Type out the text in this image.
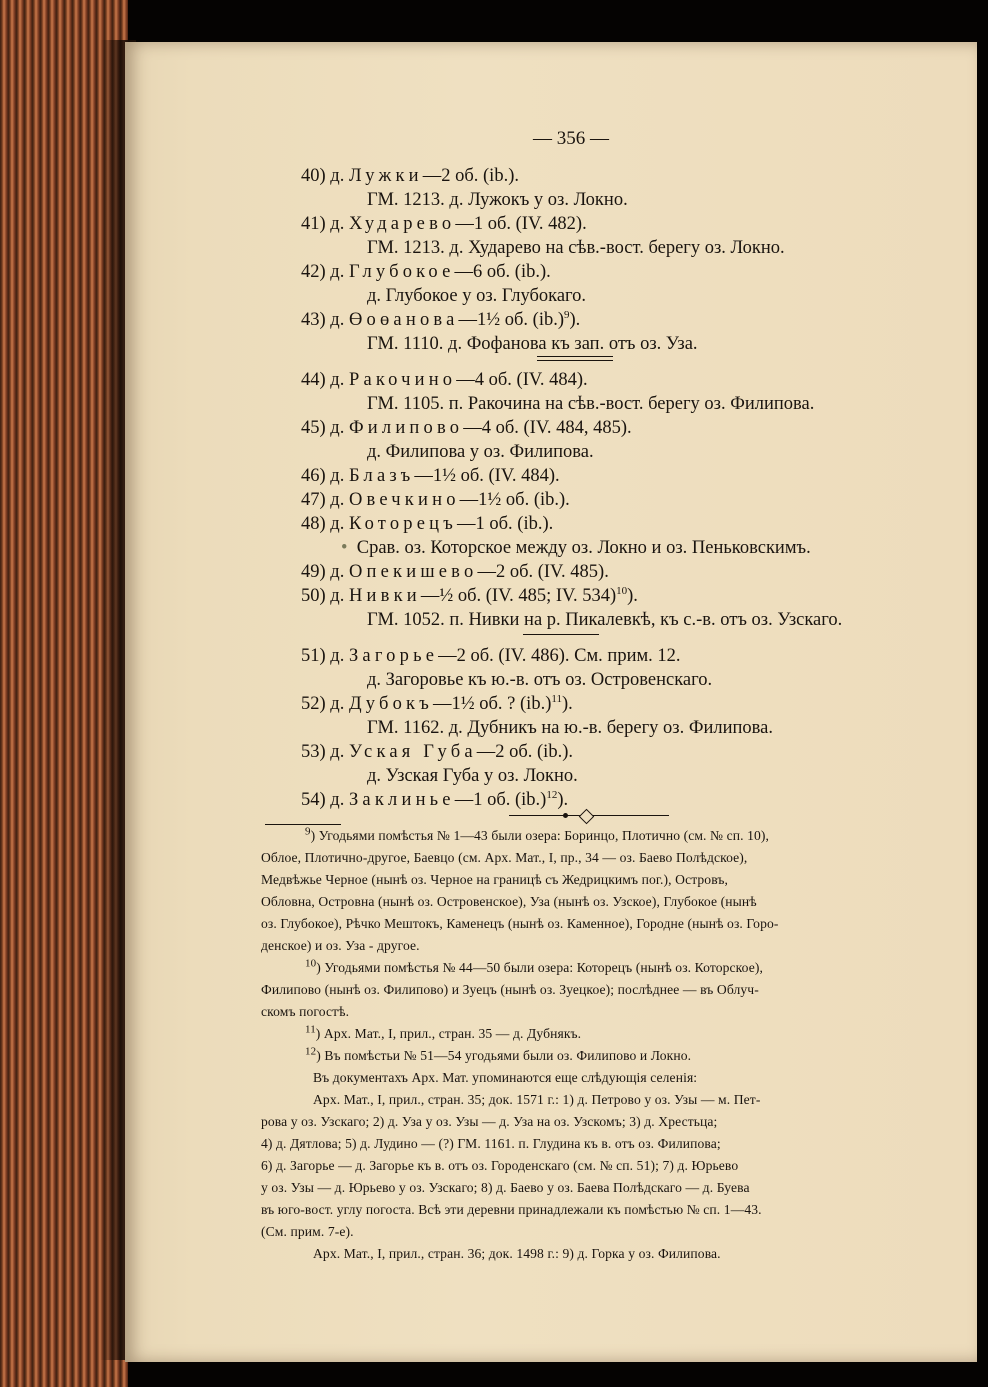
— 356 —
40) д. Лужки—2 об. (ib.).
ГМ. 1213. д. Лужокъ у оз. Локно.
41) д. Хударево—1 об. (IV. 482).
ГМ. 1213. д. Хударево на сѣв.-вост. берегу оз. Локно.
42) д. Глубокое—6 об. (ib.).
д. Глубокое у оз. Глубокаго.
43) д. Өоөанова—1½ об. $(ib.)^9$).
ГМ. 1110. д. Фофанова къ зап. отъ оз. Уза.
44) д. Ракочино—4 об. (IV. 484).
ГМ. 1105. п. Ракочина на сѣв.-вост. берегу оз. Филипова.
45) д. Филипово—4 об. (IV. 484, 485).
д. Филипова у оз. Филипова.
46) д. Блазъ—1½ об. (IV. 484).
47) д. Овечкино—1½ об. (ib.).
48) д. Которецъ—1 об. (ib.).
• Срав. оз. Которское между оз. Локно и оз. Пеньковскимъ.
49) д. Опекишево—2 об. (IV. 485).
50) д. Нивки—½ об. (IV. 485; IV. 534)$^{10}$).
ГМ. 1052. п. Нивки на р. Пикалевкѣ, къ с.-в. отъ оз. Узскаго.
51) д. Загорье—2 об. (IV. 486). См. прим. 12.
д. Загоровье къ ю.-в. отъ оз. Островенскаго.
52) д. Дубокъ—1½ об. ? $(ib.)^{11}$).
ГМ. 1162. д. Дубникъ на ю.-в. берегу оз. Филипова.
53) д. Уская Губа—2 об. (ib.).
д. Узская Губа у оз. Локно.
54) д. Заклинье—1 об. $(ib.)^{12}$).
$^9$) Угодьями помѣстья № 1—43 были озера: Боринцо, Плотично (см. № сп. 10),
Облое, Плотично-другое, Баевцо (см. Арх. Мат., I, пр., 34 — оз. Баево Полѣдское),
Медвѣжье Черное (нынѣ оз. Черное на границѣ съ Жедрицкимъ пог.), Островъ,
Обловна, Островна (нынѣ оз. Островенское), Уза (нынѣ оз. Узское), Глубокое (нынѣ
оз. Глубокое), Рѣчко Мештокъ, Каменецъ (нынѣ оз. Каменное), Городне (нынѣ оз. Горо-
денское) и оз. Уза - другое.
$^{10}$) Угодьями помѣстья № 44—50 были озера: Которецъ (нынѣ оз. Которское),
Филипово (нынѣ оз. Филипово) и Зуецъ (нынѣ оз. Зуецкое); послѣднее — въ Облуч-
скомъ погостѣ.
$^{11}$) Арх. Мат., I, прил., стран. 35 — д. Дубнякъ.
$^{12}$) Въ помѣстьи № 51—54 угодьями были оз. Филипово и Локно.
Въ документахъ Арх. Мат. упоминаются еще слѣдующія селенія:
Арх. Мат., I, прил., стран. 35; док. 1571 г.: 1) д. Петрово у оз. Узы — м. Пет-
рова у оз. Узскаго; 2) д. Уза у оз. Узы — д. Уза на оз. Узскомъ; 3) д. Хрестьца;
4) д. Дятлова; 5) д. Лудино — (?) ГМ. 1161. п. Глудина къ в. отъ оз. Филипова;
6) д. Загорье — д. Загорье къ в. отъ оз. Городенскаго (см. № сп. 51); 7) д. Юрьево
у оз. Узы — д. Юрьево у оз. Узскаго; 8) д. Баево у оз. Баева Полѣдскаго — д. Буева
въ юго-вост. углу погоста. Всѣ эти деревни принадлежали къ помѣстью № сп. 1—43.
(См. прим. 7-е).
Арх. Мат., I, прил., стран. 36; док. 1498 г.: 9) д. Горка у оз. Филипова.
